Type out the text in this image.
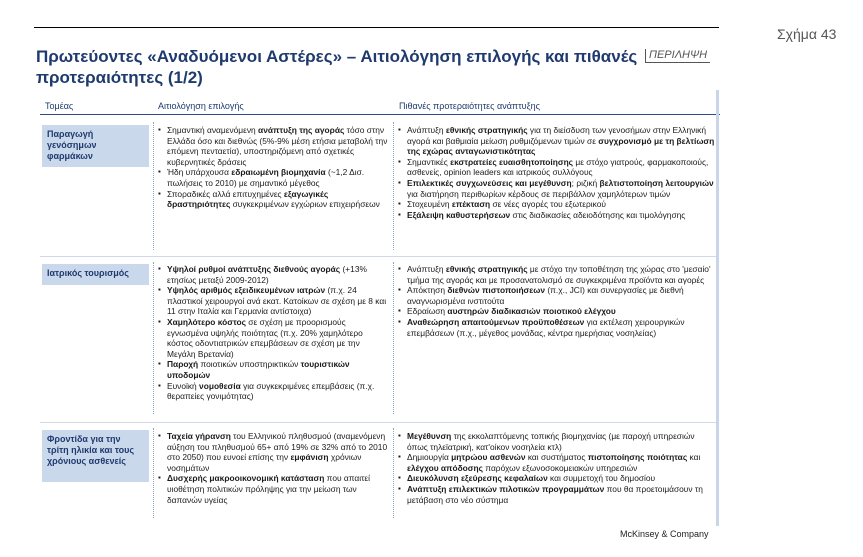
Σχήμα 43
Πρωτεύοντες «Αναδυόμενοι Αστέρες» – Αιτιολόγηση επιλογής και πιθανές προτεραιότητες (1/2)
ΠΕΡΙΛΗΨΗ
Τομέας	Αιτιολόγηση επιλογής	Πιθανές προτεραιότητες ανάπτυξης
Παραγωγή γενόσημων φαρμάκων
▪ Σημαντική αναμενόμενη ανάπτυξη της αγοράς τόσο στην Ελλάδα όσο και διεθνώς (5%-9% μέση ετήσια μεταβολή την επόμενη πενταετία), υποστηριζόμενη από σχετικές κυβερνητικές δράσεις
▪ Ήδη υπάρχουσα εδραιωμένη βιομηχανία (~1,2 Δισ. πωλήσεις το 2010) με σημαντικό μέγεθος
▪ Σποραδικές αλλά επιτυχημένες εξαγωγικές δραστηριότητες συγκεκριμένων εγχώριων επιχειρήσεων
▪ Ανάπτυξη εθνικής στρατηγικής για τη διείσδυση των γενοσήμων στην Ελληνική αγορά και βαθμιαία μείωση ρυθμιζόμενων τιμών σε συγχρονισμό με τη βελτίωση της εχώρας ανταγωνιστικότητας
▪ Σημαντικές εκστρατείες ευαισθητοποίησης με στόχο γιατρούς, φαρμακοποιούς, ασθενείς, opinion leaders και ιατρικούς συλλόγους
▪ Επιλεκτικές συγχωνεύσεις και μεγέθυνση; ριζική βελτιστοποίηση λειτουργιών για διατήρηση περιθωρίων κέρδους σε περιβάλλον χαμηλότερων τιμών
▪ Στοχευμένη επέκταση σε νέες αγορές του εξωτερικού
▪ Εξάλειψη καθυστερήσεων στις διαδικασίες αδειοδότησης και τιμολόγησης
Ιατρικός τουρισμός
▪	Υψηλοί ρυθμοί ανάπτυξης διεθνούς αγοράς (+13% ετησίως μεταξύ 2009-2012)
▪ Υψηλός αριθμός εξειδικευμένων ιατρών (π.χ. 24 πλαστικοί χειρουργοί ανά εκατ. Κατοίκων σε σχέση με 8 και 11 στην Ιταλία και Γερμανία αντίστοιχα)
▪ Χαμηλότερο κόστος σε σχέση με προορισμούς εγνωσμένα υψηλής ποιότητας (π.χ. 20% χαμηλότερο κόστος οδοντιατρικών επεμβάσεων σε σχέση με την Μεγάλη Βρετανία)
▪ Παροχή ποιοτικών υποστηρικτικών τουριστικών υποδομών
▪ Ευνοϊκή νομοθεσία για συγκεκριμένες επεμβάσεις (π.χ. θεραπείες γονιμότητας)
▪ Ανάπτυξη εθνικής στρατηγικής με στόχο την τοποθέτηση της χώρας στο 'μεσαίο' τμήμα της αγοράς και με προσανατολισμό σε συγκεκριμένα προϊόντα και αγορές
▪ Απόκτηση διεθνών πιστοποιήσεων (π.χ., JCI) και συνεργασίες με διεθνή αναγνωρισμένα ινστιτούτα
▪ Εδραίωση αυστηρών διαδικασιών ποιοτικού ελέγχου
▪ Αναθεώρηση απαιτούμενων προϋποθέσεων για εκτέλεση χειρουργικών επεμβάσεων (π.χ., μέγεθος μονάδας, κέντρα ημερήσιας νοσηλείας)
Φροντίδα για την τρίτη ηλικία και τους χρόνιους ασθενείς
▪ Ταχεία γήρανση του Ελληνικού πληθυσμού (αναμενόμενη αύξηση του πληθυσμού 65+ από 19% σε 32% από το 2010 στο 2050) που ευνοεί επίσης την εμφάνιση χρόνιων νοσημάτων
▪ Δυσχερής μακροοικονομική κατάσταση που απαιτεί υιοθέτηση πολιτικών πρόληψης για την μείωση των δαπανών υγείας
▪ Μεγέθυνση της εκκολαπτόμενης τοπικής βιομηχανίας (με παροχή υπηρεσιών όπως τηλεϊατρική, κατ'οίκον νοσηλεία κτλ)
▪ Δημιουργία μητρώου ασθενών και συστήματος πιστοποίησης ποιότητας και ελέγχου απόδοσης παρόχων εξωνοσοκομειακών υπηρεσιών
▪ Διευκόλυνση εξεύρεσης κεφαλαίων και συμμετοχή του δημοσίου
▪ Ανάπτυξη επιλεκτικών πιλοτικών προγραμμάτων που θα προετοιμάσουν τη μετάβαση στο νέο σύστημα
McKinsey & Company
